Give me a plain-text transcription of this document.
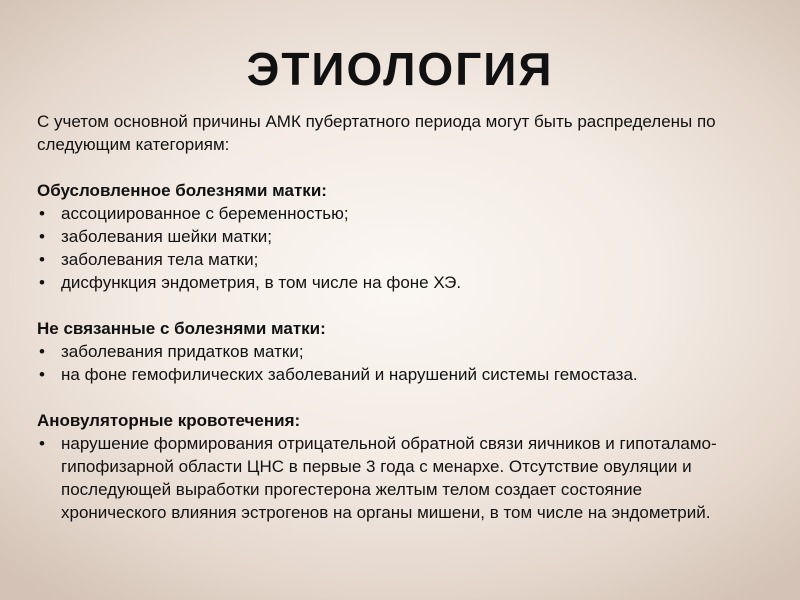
ЭТИОЛОГИЯ

С учетом основной причины АМК пубертатного периода могут быть распределены по следующим категориям:

Обусловленное болезнями матки:

• ассоциированное с беременностью;
• заболевания шейки матки;
• заболевания тела матки;
• дисфункция эндометрия, в том числе на фоне ХЭ.

Не связанные с болезнями матки:

• заболевания придатков матки;
• на фоне гемофилических заболеваний и нарушений системы гемостаза.

Ановуляторные кровотечения:

• нарушение формирования отрицательной обратной связи яичников и гипоталамо-гипофизарной области ЦНС в первые 3 года с менархе. Отсутствие овуляции и последующей выработки прогестерона желтым телом создает состояние хронического влияния эстрогенов на органы мишени, в том числе на эндометрий.
